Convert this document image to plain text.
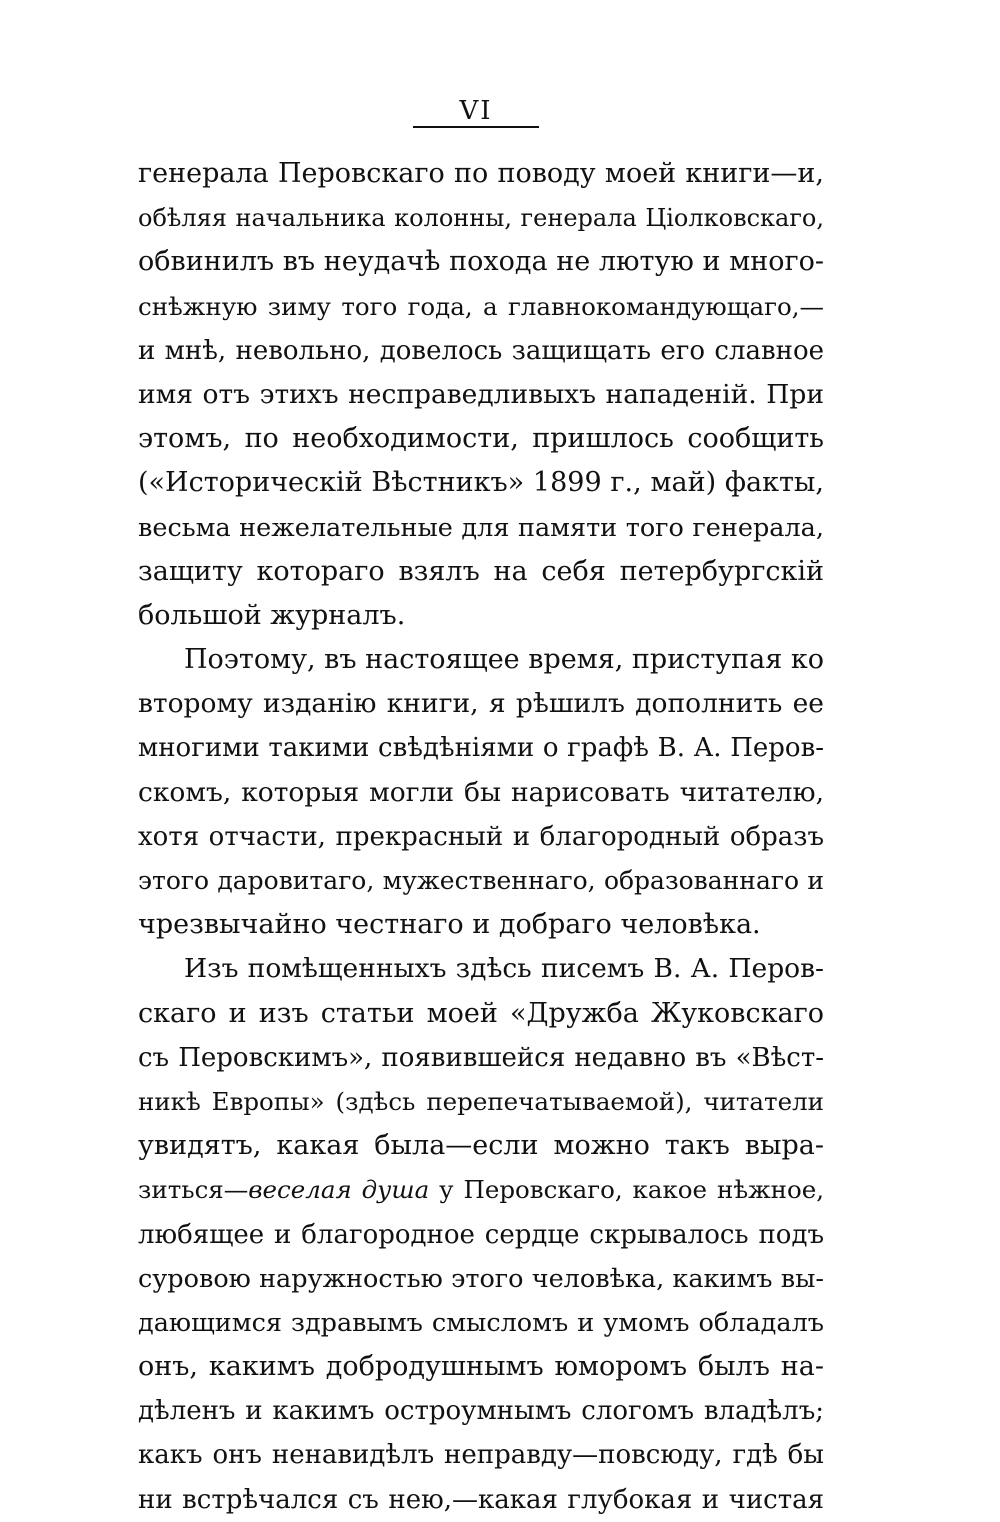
VI
генерала Перовскаго по поводу моей книги—и,
обѣляя начальника колонны, генерала Ціолковскаго,
обвинилъ въ неудачѣ похода не лютую и много-
снѣжную зиму того года, а главнокомандующаго,—
и мнѣ, невольно, довелось защищать его славное
имя отъ этихъ несправедливыхъ нападеній. При
этомъ, по необходимости, пришлось сообщить
(«Историческій Вѣстникъ» 1899 г., май) факты,
весьма нежелательные для памяти того генерала,
защиту котораго взялъ на себя петербургскій
большой журналъ.
Поэтому, въ настоящее время, приступая ко
второму изданію книги, я рѣшилъ дополнить ее
многими такими свѣдѣніями о графѣ В. А. Перов-
скомъ, которыя могли бы нарисовать читателю,
хотя отчасти, прекрасный и благородный образъ
этого даровитаго, мужественнаго, образованнаго и
чрезвычайно честнаго и добраго человѣка.
Изъ помѣщенныхъ здѣсь писемъ В. А. Перов-
скаго и изъ статьи моей «Дружба Жуковскаго
съ Перовскимъ», появившейся недавно въ «Вѣст-
никѣ Европы» (здѣсь перепечатываемой), читатели
увидятъ, какая была—если можно такъ выра-
зиться—веселая душа у Перовскаго, какое нѣжное,
любящее и благородное сердце скрывалось подъ
суровою наружностью этого человѣка, какимъ вы-
дающимся здравымъ смысломъ и умомъ обладалъ
онъ, какимъ добродушнымъ юморомъ былъ на-
дѣленъ и какимъ остроумнымъ слогомъ владѣлъ;
какъ онъ ненавидѣлъ неправду—повсюду, гдѣ бы
ни встрѣчался съ нею,—какая глубокая и чистая
